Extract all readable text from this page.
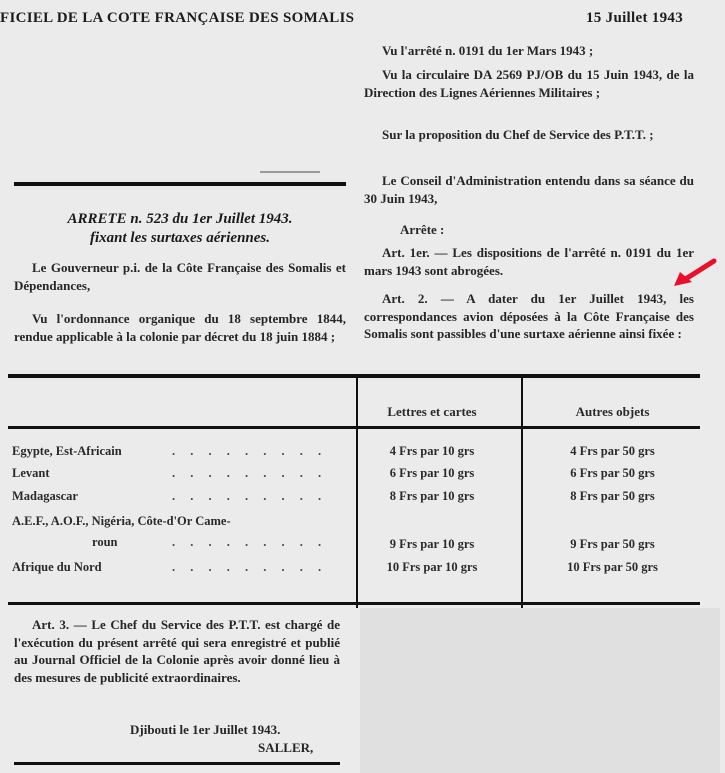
FICIEL DE LA COTE FRANÇAISE DES SOMALIS	15 Juillet 1943
ARRETE n. 523 du 1er Juillet 1943.
fixant les surtaxes aériennes.
Le Gouverneur p.i. de la Côte Française des Somalis et Dépendances,
Vu l'ordonnance organique du 18 septembre 1844, rendue applicable à la colonie par décret du 18 juin 1884 ;
Vu l'arrêté n. 0191 du 1er Mars 1943 ;
Vu la circulaire DA 2569 PJ/OB du 15 Juin 1943, de la Direction des Lignes Aériennes Militaires ;
Sur la proposition du Chef de Service des P.T.T. ;
Le Conseil d'Administration entendu dans sa séance du 30 Juin 1943,
Arrête :
Art. 1er. — Les dispositions de l'arrêté n. 0191 du 1er mars 1943 sont abrogées.
Art. 2. — A dater du 1er Juillet 1943, les correspondances avion déposées à la Côte Française des Somalis sont passibles d'une surtaxe aérienne ainsi fixée :
Lettres et cartes	Autres objets
Egypte, Est-Africain	. . . . . . . . .	4 Frs par 10 grs	4 Frs par 50 grs
Levant	. . . . . . . . .	6 Frs par 10 grs	6 Frs par 50 grs
Madagascar	. . . . . . . . .	8 Frs par 10 grs	8 Frs par 50 grs
A.E.F., A.O.F., Nigéria, Côte-d'Or Came-
roun	. . . . . . . . .	9 Frs par 10 grs	9 Frs par 50 grs
Afrique du Nord	. . . . . . . . .	10 Frs par 10 grs	10 Frs par 50 grs
Art. 3. — Le Chef du Service des P.T.T. est chargé de l'exécution du présent arrêté qui sera enregistré et publié au Journal Officiel de la Colonie après avoir donné lieu à des mesures de publicité extraordinaires.
Djibouti le 1er Juillet 1943.
SALLER,
